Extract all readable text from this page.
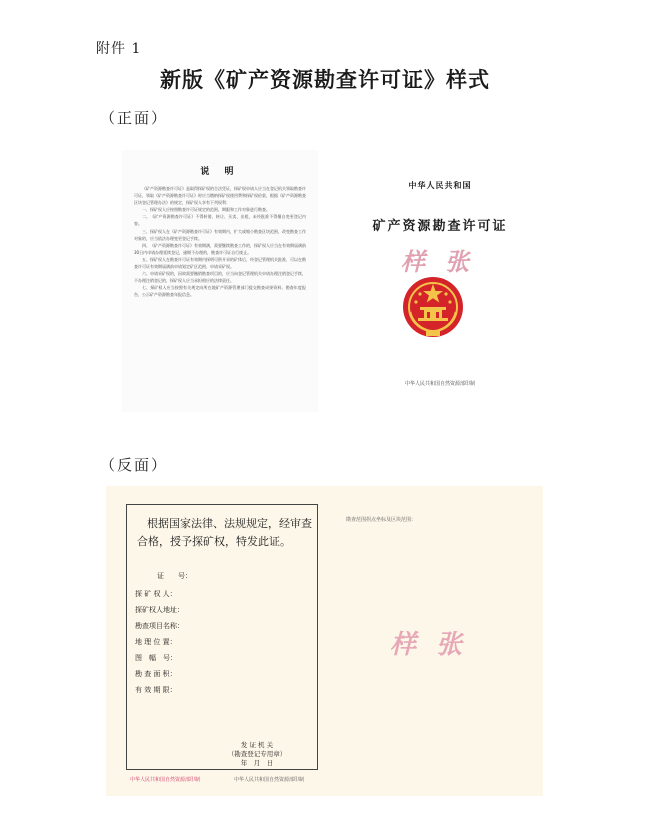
附件 1
新版《矿产资源勘查许可证》样式
（正面）
说 明

《矿产资源勘查许可证》是取得探矿权的合法凭证，探矿权申请人应当在登记机关领取勘查许可证，领取《矿产资源勘查许可证》时应当缴纳探矿权使用费和探矿权价款，根据《矿产资源勘查区块登记管理办法》的规定，探矿权人享有下列权利：

一、探矿权人应按照勘查许可证规定的范围、期限和工作对象进行勘查。

二、《矿产资源勘查许可证》不得转借、转让、买卖、出租，未经批准不得擅自变更登记内容。

三、探矿权人在《矿产资源勘查许可证》有效期内，扩大或缩小勘查区块范围，改变勘查工作对象的，应当依法办理变更登记手续。

四、《矿产资源勘查许可证》有效期满，需要继续勘查工作的，探矿权人应当在有效期届满前30日内申请办理延续登记，逾期不办理的，勘查许可证自行废止。

五、探矿权人在勘查许可证有效期内探明可供开采的矿体后，经登记管理机关批准，可以在勘查许可证有效期届满前申请划定矿区范围，申请采矿权。

六、申请采矿权的，因故需要撤销勘查项目的，应当向登记管理机关申请办理注销登记手续，不办理注销登记的，探矿权人应当承担相应的法律责任。

七、探矿权人应当按照有关规定向所在地矿产资源管理部门提交勘查成果资料、勘查年度报告，公示矿产资源勘查年报信息。

中华人民共和国
矿产资源勘查许可证
样张
中华人民共和国自然资源部印制
（反面）
根据国家法律、法规规定，经审查合格，授予探矿权，特发此证。
证　　号：
探 矿 权 人：
探矿权人地址：
勘查项目名称：
地 理 位 置：
图　幅　号：
勘 查 面 积：
有 效 期 限：
发 证 机 关
（勘查登记专用章）
年　月　日
中华人民共和国自然资源部印制	中华人民共和国自然资源部印制
勘查范围拐点坐标及区块范围：
样张
